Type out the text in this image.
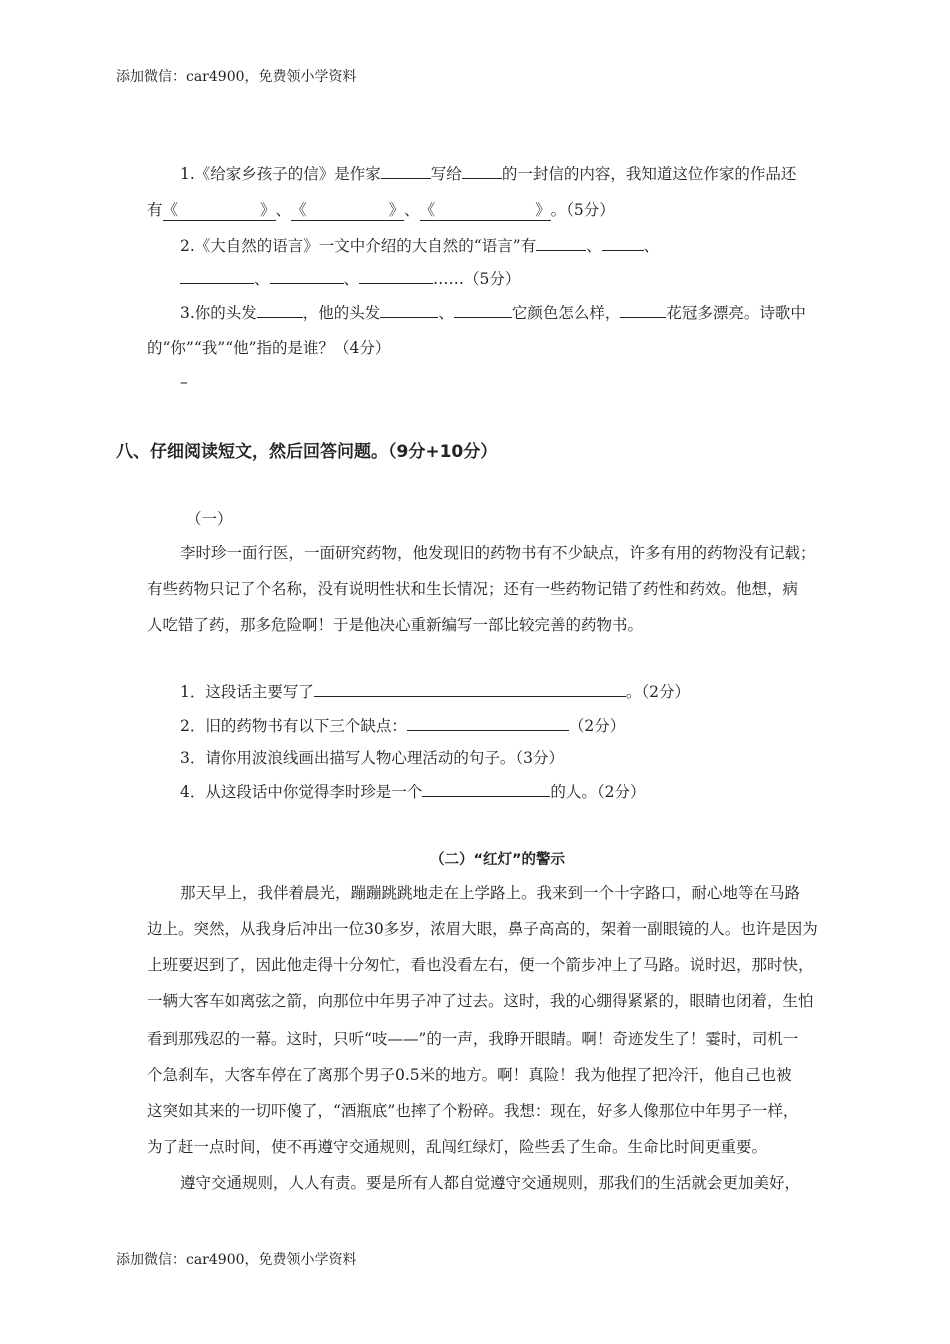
添加微信：car4900，免费领小学资料
1.《给家乡孩子的信》是作家	写给	的一封信的内容，我知道这位作家的作品还
有《	》、《	》、《	》。（5分）
2.《大自然的语言》一文中介绍的大自然的“语言”有	、	、
、	、	……（5分）
3.你的头发	，他的头发	、	它颜色怎么样，	花冠多漂亮。诗歌中
的“你”“我”“他”指的是谁？（4分）
–
八、仔细阅读短文，然后回答问题。（9分+10分）
（一）
李时珍一面行医，一面研究药物，他发现旧的药物书有不少缺点，许多有用的药物没有记载；
有些药物只记了个名称，没有说明性状和生长情况；还有一些药物记错了药性和药效。他想，病
人吃错了药，那多危险啊！于是他决心重新编写一部比较完善的药物书。
1．这段话主要写了	。（2分）
2．旧的药物书有以下三个缺点：	（2分）
3．请你用波浪线画出描写人物心理活动的句子。（3分）
4．从这段话中你觉得李时珍是一个	的人。（2分）
（二）“红灯”的警示
那天早上，我伴着晨光，蹦蹦跳跳地走在上学路上。我来到一个十字路口，耐心地等在马路
边上。突然，从我身后冲出一位30多岁，浓眉大眼，鼻子高高的，架着一副眼镜的人。也许是因为
上班要迟到了，因此他走得十分匆忙，看也没看左右，便一个箭步冲上了马路。说时迟，那时快，
一辆大客车如离弦之箭，向那位中年男子冲了过去。这时，我的心绷得紧紧的，眼睛也闭着，生怕
看到那残忍的一幕。这时，只听“吱——”的一声，我睁开眼睛。啊！奇迹发生了！霎时，司机一
个急刹车，大客车停在了离那个男子0.5米的地方。啊！真险！我为他捏了把冷汗，他自己也被
这突如其来的一切吓傻了，“酒瓶底”也摔了个粉碎。我想：现在，好多人像那位中年男子一样，
为了赶一点时间，使不再遵守交通规则，乱闯红绿灯，险些丢了生命。生命比时间更重要。
遵守交通规则，人人有责。要是所有人都自觉遵守交通规则，那我们的生活就会更加美好，
添加微信：car4900，免费领小学资料
